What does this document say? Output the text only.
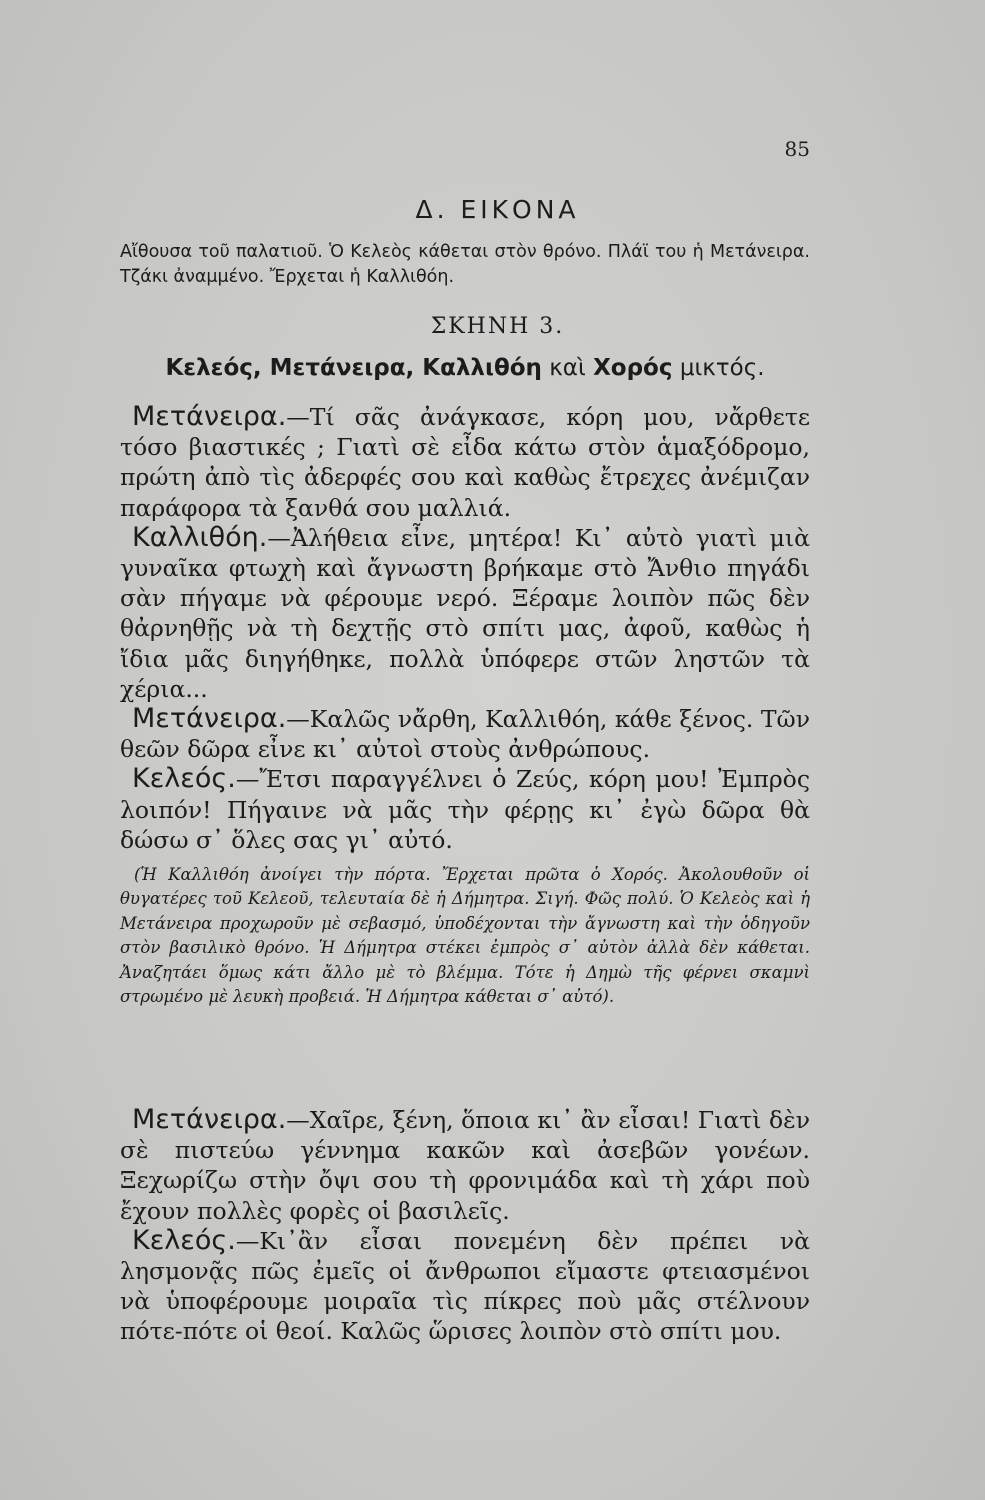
85
Δ. ΕΙΚΟΝΑ
Αἴθουσα τοῦ παλατιοῦ. Ὁ Κελεὸς κάθεται στὸν θρόνο. Πλάϊ του ἡ Μετάνειρα. Τζάκι ἀναμμένο. Ἔρχεται ἡ Καλλιθόη.
ΣΚΗΝΗ 3.
Κελεός, Μετάνειρα, Καλλιθόη καὶ Χορός μικτός.

Μετάνειρα.—Τί σᾶς ἀνάγκασε, κόρη μου, νἄρθετε τόσο βιαστικές ; Γιατὶ σὲ εἶδα κάτω στὸν ἁμαξόδρομο, πρώτη ἀπὸ τὶς ἀδερφές σου καὶ καθὼς ἔτρεχες ἀνέμιζαν παράφορα τὰ ξανθά σου μαλλιά.

Καλλιθόη.—Ἀλήθεια εἶνε, μητέρα! Κι᾽ αὐτὸ γιατὶ μιὰ γυναῖκα φτωχὴ καὶ ἄγνωστη βρήκαμε στὸ Ἄνθιο πηγάδι σὰν πήγαμε νὰ φέρουμε νερό. Ξέραμε λοιπὸν πῶς δὲν θἀρνηθῇς νὰ τὴ δεχτῇς στὸ σπίτι μας, ἀφοῦ, καθὼς ἡ ἴδια μᾶς διηγήθηκε, πολλὰ ὑπόφερε στῶν ληστῶν τὰ χέρια...

Μετάνειρα.—Καλῶς νἄρθη, Καλλιθόη, κάθε ξένος. Τῶν θεῶν δῶρα εἶνε κι᾽ αὐτοὶ στοὺς ἀνθρώπους.

Κελεός.—Ἔτσι παραγγέλνει ὁ Ζεύς, κόρη μου! Ἐμπρὸς λοιπόν! Πήγαινε νὰ μᾶς τὴν φέρῃς κι᾽ ἐγὼ δῶρα θὰ δώσω σ᾽ ὅλες σας γι᾽ αὐτό.

(Ἡ Καλλιθόη ἀνοίγει τὴν πόρτα. Ἔρχεται πρῶτα ὁ Χορός. Ἀκολουθοῦν οἱ θυγατέρες τοῦ Κελεοῦ, τελευταία δὲ ἡ Δήμητρα. Σιγή. Φῶς πολύ. Ὁ Κελεὸς καὶ ἡ Μετάνειρα προχωροῦν μὲ σεβασμό, ὑποδέχονται τὴν ἄγνωστη καὶ τὴν ὁδηγοῦν στὸν βασιλικὸ θρόνο. Ἡ Δήμητρα στέκει ἐμπρὸς σ᾽ αὐτὸν ἀλλὰ δὲν κάθεται. Ἀναζητάει ὅμως κάτι ἄλλο μὲ τὸ βλέμμα. Τότε ἡ Δημὼ τῆς φέρνει σκαμνὶ στρωμένο μὲ λευκὴ προβειά. Ἡ Δήμητρα κάθεται σ᾽ αὐτό).

Μετάνειρα.—Χαῖρε, ξένη, ὅποια κι᾽ ἂν εἶσαι! Γιατὶ δὲν σὲ πιστεύω γέννημα κακῶν καὶ ἀσεβῶν γονέων. Ξεχωρίζω στὴν ὄψι σου τὴ φρονιμάδα καὶ τὴ χάρι ποὺ ἔχουν πολλὲς φορὲς οἱ βασιλεῖς.

Κελεός.—Κι᾽ἂν εἶσαι πονεμένη δὲν πρέπει νὰ λησμονᾷς πῶς ἐμεῖς οἱ ἄνθρωποι εἴμαστε φτειασμένοι νὰ ὑποφέρουμε μοιραῖα τὶς πίκρες ποὺ μᾶς στέλνουν πότε-πότε οἱ θεοί. Καλῶς ὥρισες λοιπὸν στὸ σπίτι μου.
